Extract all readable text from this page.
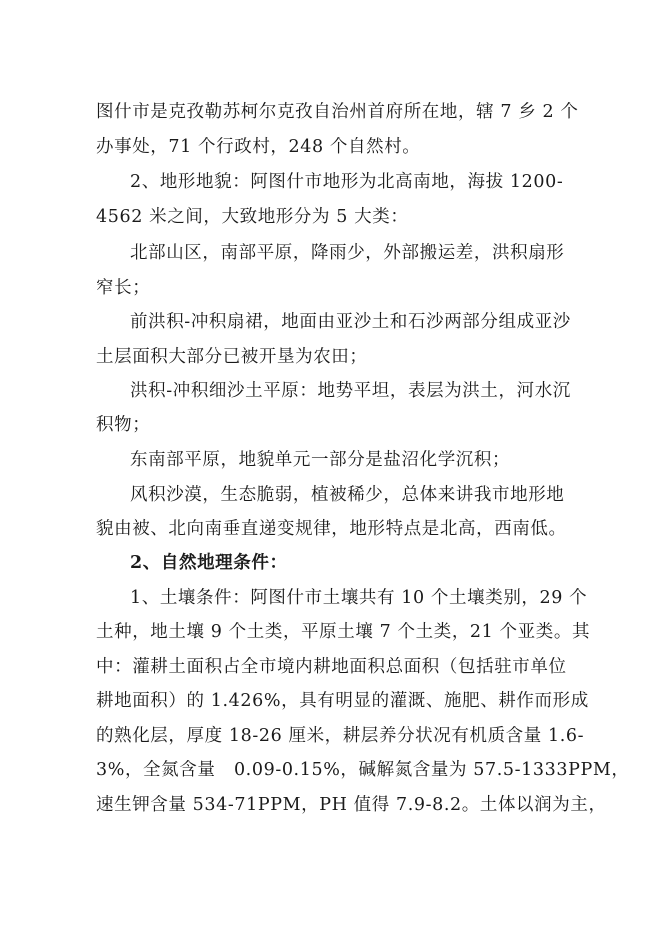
图什市是克孜勒苏柯尔克孜自治州首府所在地，辖 7 乡 2 个
办事处，71 个行政村，248 个自然村。
2、地形地貌：阿图什市地形为北高南地，海拔 1200-
4562 米之间，大致地形分为 5 大类：
北部山区，南部平原，降雨少，外部搬运差，洪积扇形
窄长；
前洪积-冲积扇裙，地面由亚沙土和石沙两部分组成亚沙
土层面积大部分已被开垦为农田；
洪积-冲积细沙土平原：地势平坦，表层为洪土，河水沉
积物；
东南部平原，地貌单元一部分是盐沼化学沉积；
风积沙漠，生态脆弱，植被稀少，总体来讲我市地形地
貌由被、北向南垂直递变规律，地形特点是北高，西南低。
2、自然地理条件：
1、土壤条件：阿图什市土壤共有 10 个土壤类别，29 个
土种，地土壤 9 个土类，平原土壤 7 个土类，21 个亚类。其
中：灌耕土面积占全市境内耕地面积总面积（包括驻市单位
耕地面积）的 1.426%，具有明显的灌溉、施肥、耕作而形成
的熟化层，厚度 18-26 厘米，耕层养分状况有机质含量 1.6-
3%，全氮含量   0.09-0.15%，碱解氮含量为 57.5-1333PPM，
速生钾含量 534-71PPM，PH 值得 7.9-8.2。土体以润为主，
